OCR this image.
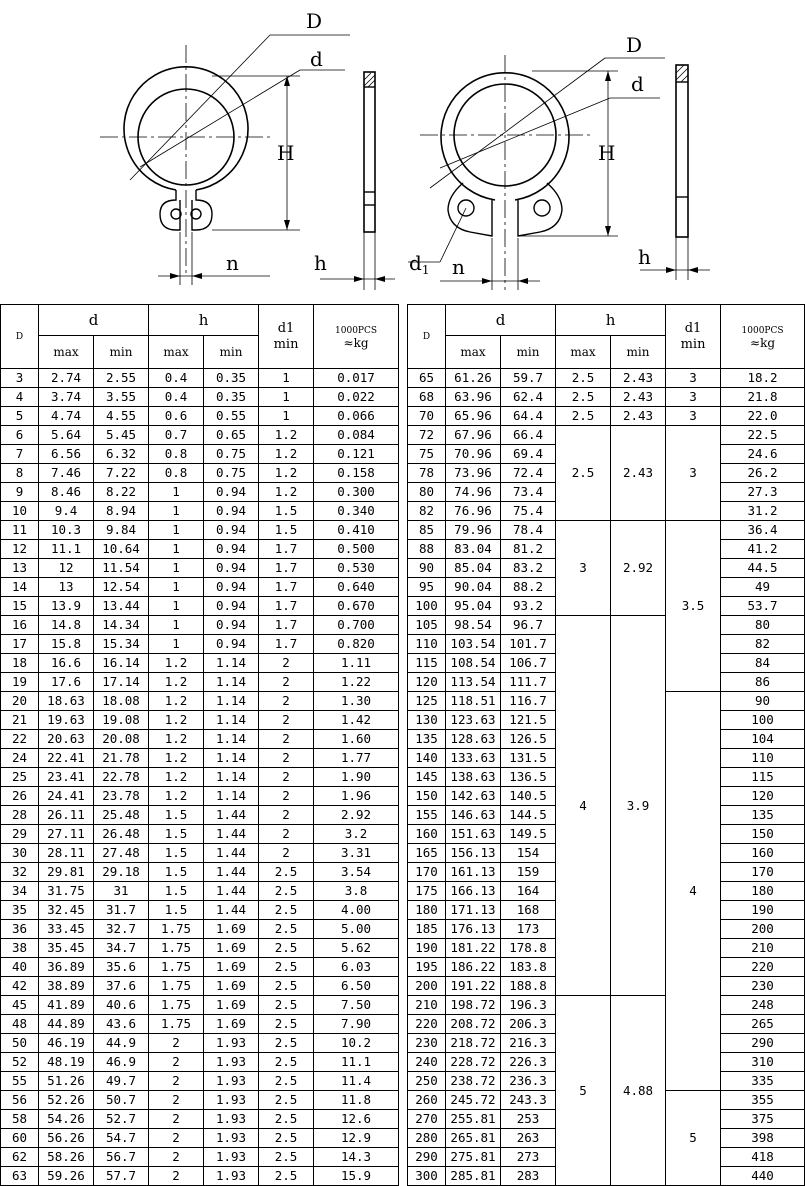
D
d
H
n	h
D
d
H
$d_1$ n	h
D	d		h		d1
min	1000PCS
≈kg

	max	min	max	min		
3	2.74	2.55	0.4	0.35	1	0.017
4	3.74	3.55	0.4	0.35	1	0.022
5	4.74	4.55	0.6	0.55	1	0.066
6	5.64	5.45	0.7	0.65	1.2	0.084
7	6.56	6.32	0.8	0.75	1.2	0.121
8	7.46	7.22	0.8	0.75	1.2	0.158
9	8.46	8.22	1	0.94	1.2	0.300
10	9.4	8.94	1	0.94	1.5	0.340
11	10.3	9.84	1	0.94	1.5	0.410
12	11.1	10.64	1	0.94	1.7	0.500
13	12	11.54	1	0.94	1.7	0.530
14	13	12.54	1	0.94	1.7	0.640
15	13.9	13.44	1	0.94	1.7	0.670
16	14.8	14.34	1	0.94	1.7	0.700
17	15.8	15.34	1	0.94	1.7	0.820
18	16.6	16.14	1.2	1.14	2	1.11
19	17.6	17.14	1.2	1.14	2	1.22
20	18.63	18.08	1.2	1.14	2	1.30
21	19.63	19.08	1.2	1.14	2	1.42
22	20.63	20.08	1.2	1.14	2	1.60
24	22.41	21.78	1.2	1.14	2	1.77
25	23.41	22.78	1.2	1.14	2	1.90
26	24.41	23.78	1.2	1.14	2	1.96
28	26.11	25.48	1.5	1.44	2	2.92
29	27.11	26.48	1.5	1.44	2	3.2
30	28.11	27.48	1.5	1.44	2	3.31
32	29.81	29.18	1.5	1.44	2.5	3.54
34	31.75	31	1.5	1.44	2.5	3.8
35	32.45	31.7	1.5	1.44	2.5	4.00
36	33.45	32.7	1.75	1.69	2.5	5.00
38	35.45	34.7	1.75	1.69	2.5	5.62
40	36.89	35.6	1.75	1.69	2.5	6.03
42	38.89	37.6	1.75	1.69	2.5	6.50
45	41.89	40.6	1.75	1.69	2.5	7.50
48	44.89	43.6	1.75	1.69	2.5	7.90
50	46.19	44.9	2	1.93	2.5	10.2
52	48.19	46.9	2	1.93	2.5	11.1
55	51.26	49.7	2	1.93	2.5	11.4
56	52.26	50.7	2	1.93	2.5	11.8
58	54.26	52.7	2	1.93	2.5	12.6
60	56.26	54.7	2	1.93	2.5	12.9
62	58.26	56.7	2	1.93	2.5	14.3
63	59.26	57.7	2	1.93	2.5	15.9
D	d		h		d1
min	1000PCS
≈kg

	max	min	max	min		
65	61.26	59.7	2.5	2.43	3	18.2
68	63.96	62.4	2.5	2.43	3	21.8
70	65.96	64.4	2.5	2.43	3	22.0
72	67.96	66.4	2.5	2.43	3	22.5
75	70.96	69.4				24.6
78	73.96	72.4				26.2
80	74.96	73.4				27.3
82	76.96	75.4				31.2
85	79.96	78.4	3	2.92	3.5	36.4
88	83.04	81.2				41.2
90	85.04	83.2				44.5
95	90.04	88.2				49
100	95.04	93.2				53.7
105	98.54	96.7	4	3.9		80
110	103.54	101.7				82
115	108.54	106.7				84
120	113.54	111.7				86
125	118.51	116.7			4	90
130	123.63	121.5				100
135	128.63	126.5				104
140	133.63	131.5				110
145	138.63	136.5				115
150	142.63	140.5				120
155	146.63	144.5				135
160	151.63	149.5				150
165	156.13	154				160
170	161.13	159				170
175	166.13	164				180
180	171.13	168				190
185	176.13	173				200
190	181.22	178.8				210
195	186.22	183.8				220
200	191.22	188.8				230
210	198.72	196.3	5	4.88		248
220	208.72	206.3				265
230	218.72	216.3				290
240	228.72	226.3				310
250	238.72	236.3				335
260	245.72	243.3			5	355
270	255.81	253				375
280	265.81	263				398
290	275.81	273				418
300	285.81	283				440
